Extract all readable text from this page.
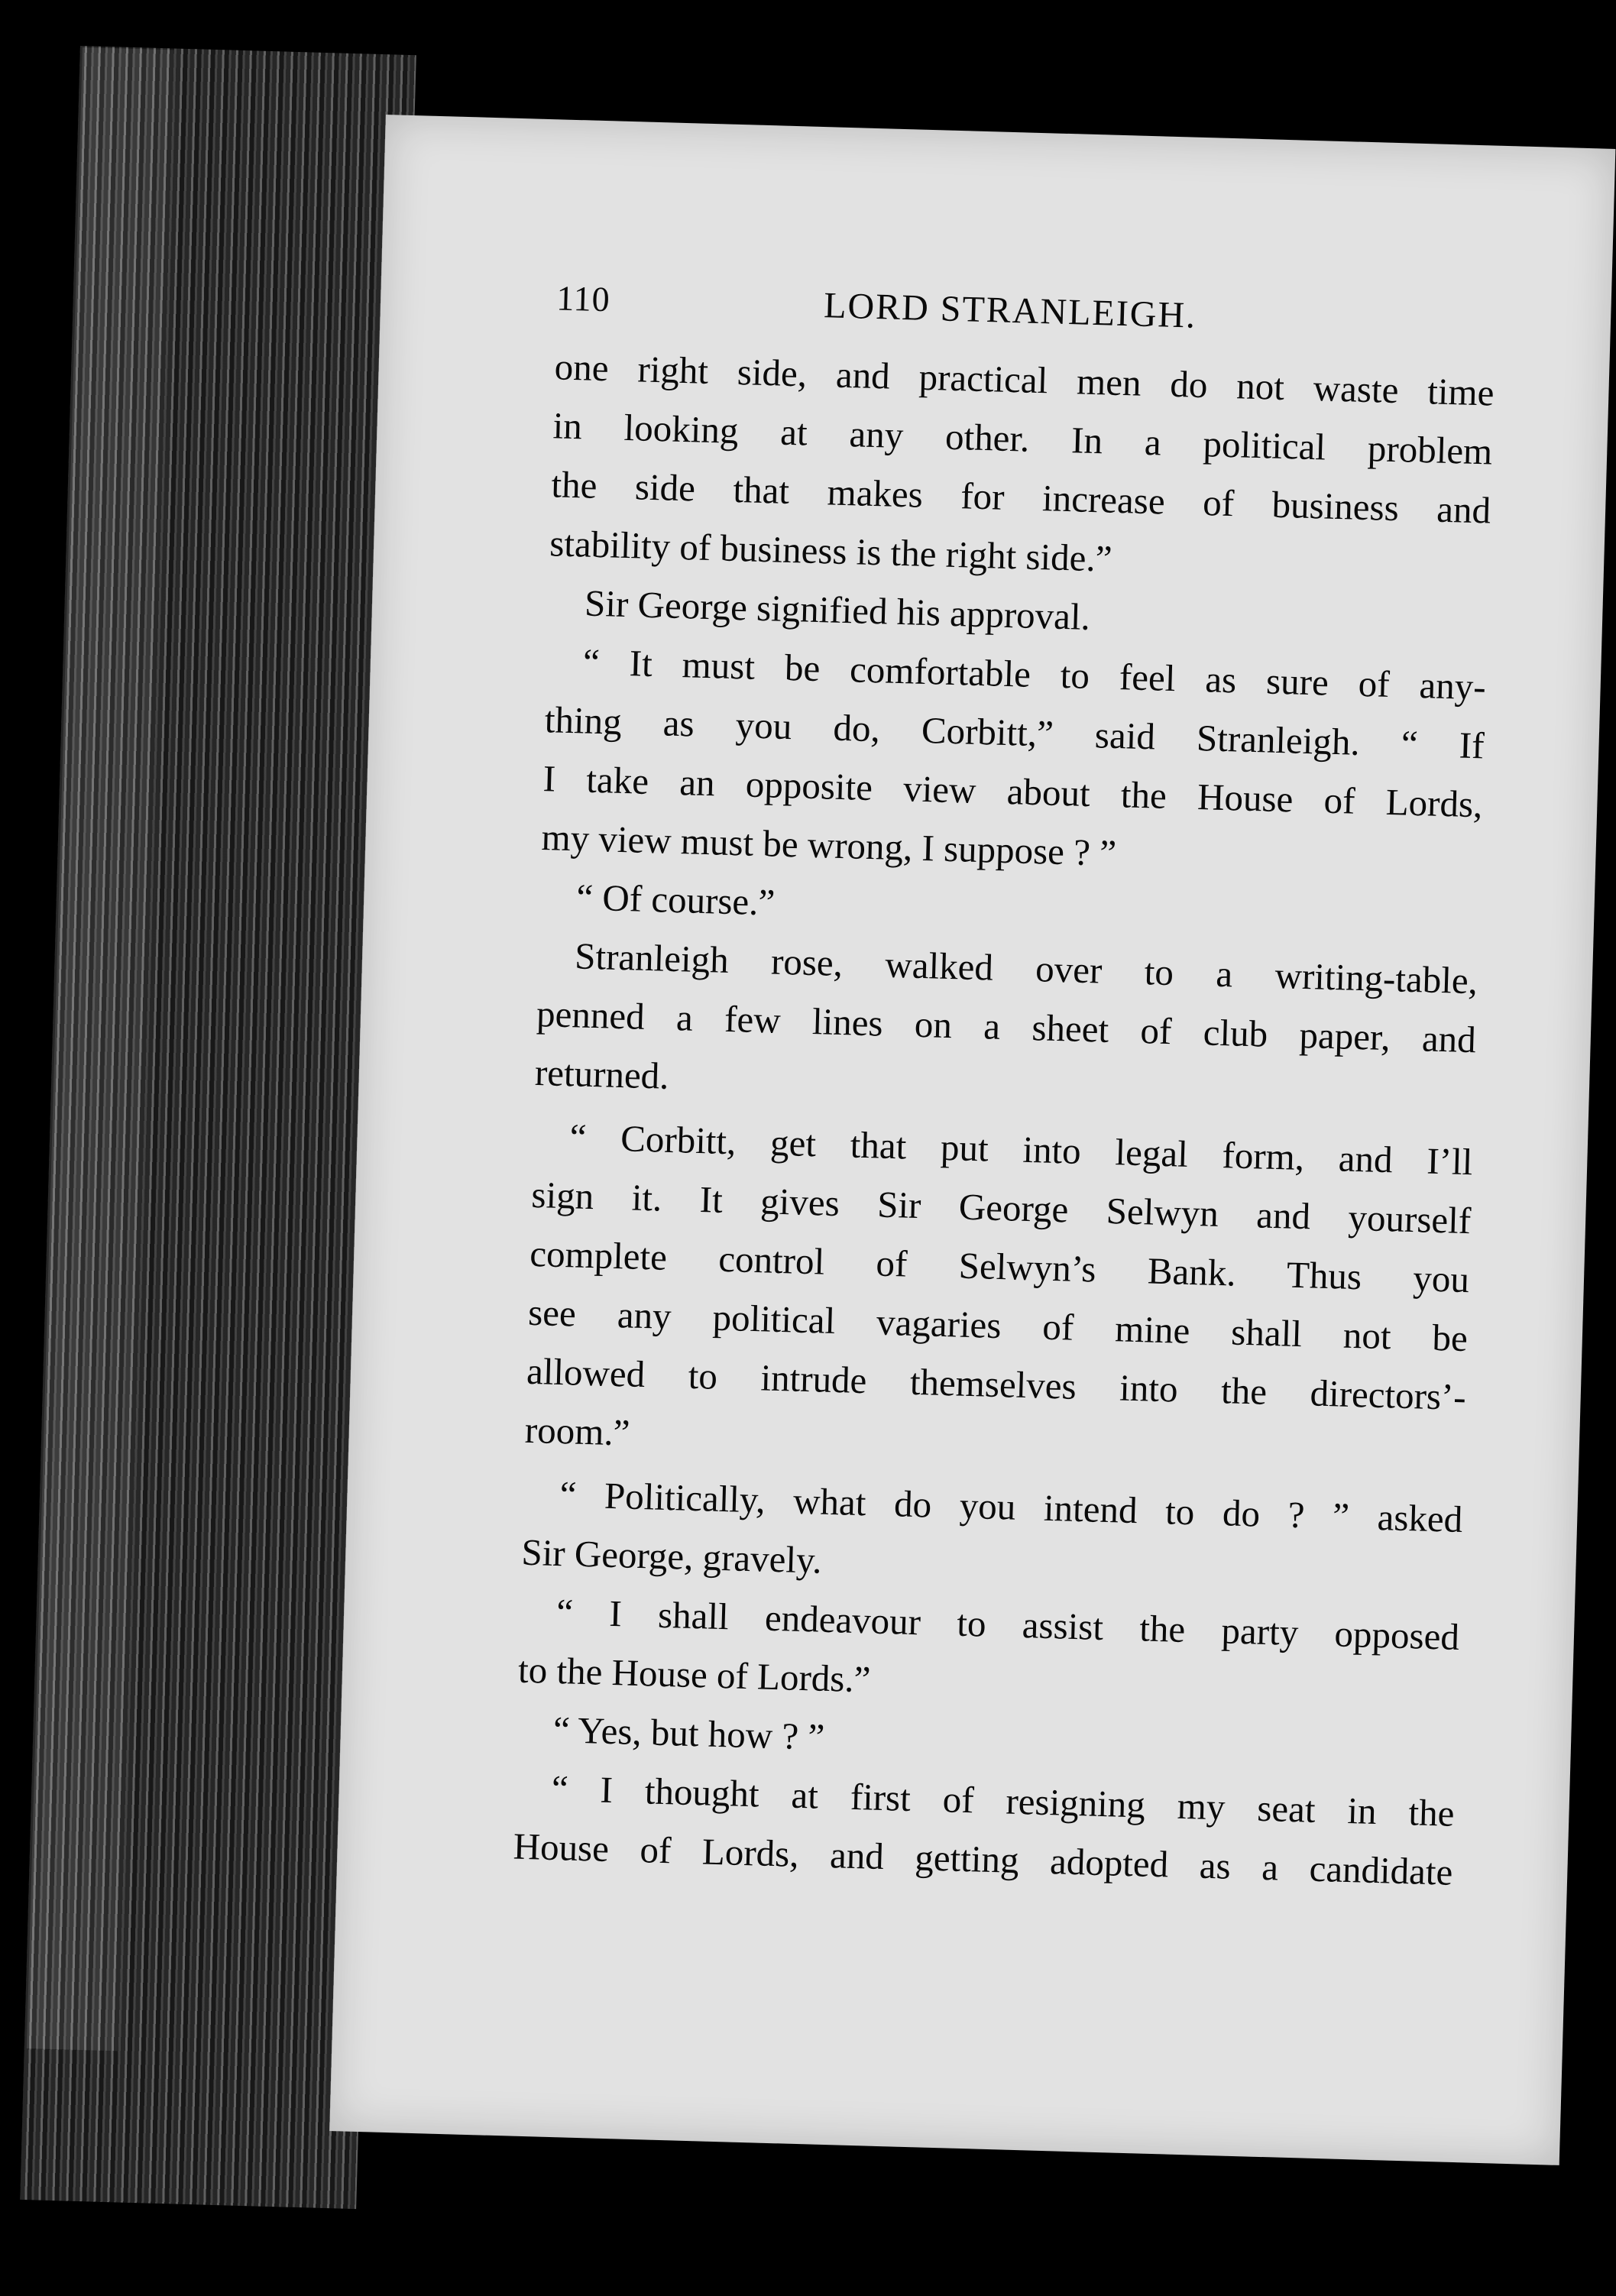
110	LORD STRANLEIGH.
one right side, and practical men do not waste time
in looking at any other. In a political problem
the side that makes for increase of business and
stability of business is the right side.”
Sir George signified his approval.
“ It must be comfortable to feel as sure of any-
thing as you do, Corbitt,” said Stranleigh. “ If
I take an opposite view about the House of Lords,
my view must be wrong, I suppose ? ”
“ Of course.”
Stranleigh rose, walked over to a writing-table,
penned a few lines on a sheet of club paper, and
returned.
“ Corbitt, get that put into legal form, and I’ll
sign it. It gives Sir George Selwyn and yourself
complete control of Selwyn’s Bank. Thus you
see any political vagaries of mine shall not be
allowed to intrude themselves into the directors’-
room.”
“ Politically, what do you intend to do ? ” asked
Sir George, gravely.
“ I shall endeavour to assist the party opposed
to the House of Lords.”
“ Yes, but how ? ”
“ I thought at first of resigning my seat in the
House of Lords, and getting adopted as a candidate
